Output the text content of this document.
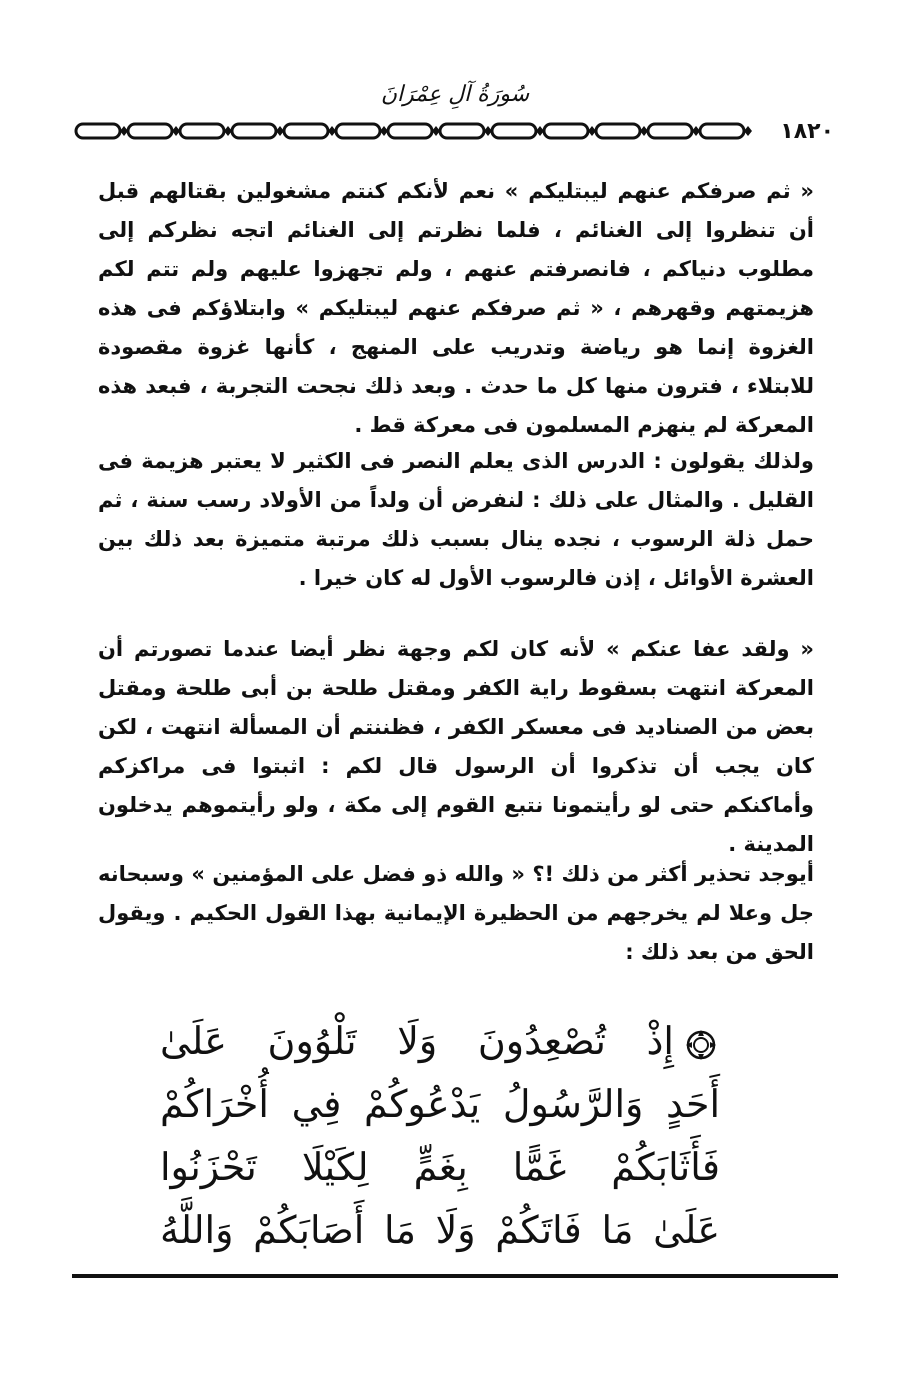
سُورَةُ آلِ عِمْرَانَ
١٨٢٠

« ثم صرفكم عنهم ليبتليكم » نعم لأنكم كنتم مشغولين بقتالهم قبل أن تنظروا إلى الغنائم ، فلما نظرتم إلى الغنائم اتجه نظركم إلى مطلوب دنياكم ، فانصرفتم عنهم ، ولم تجهزوا عليهم ولم تتم لكم هزيمتهم وقهرهم ، « ثم صرفكم عنهم ليبتليكم » وابتلاؤكم فى هذه الغزوة إنما هو رياضة وتدريب على المنهج ، كأنها غزوة مقصودة للابتلاء ، فترون منها كل ما حدث . وبعد ذلك نجحت التجربة ، فبعد هذه المعركة لم ينهزم المسلمون فى معركة قط .

ولذلك يقولون : الدرس الذى يعلم النصر فى الكثير لا يعتبر هزيمة فى القليل . والمثال على ذلك : لنفرض أن ولداً من الأولاد رسب سنة ، ثم حمل ذلة الرسوب ، نجده ينال بسبب ذلك مرتبة متميزة بعد ذلك بين العشرة الأوائل ، إذن فالرسوب الأول له كان خيرا .

« ولقد عفا عنكم » لأنه كان لكم وجهة نظر أيضا عندما تصورتم أن المعركة انتهت بسقوط راية الكفر ومقتل طلحة بن أبى طلحة ومقتل بعض من الصناديد فى معسكر الكفر ، فظننتم أن المسألة انتهت ، لكن كان يجب أن تذكروا أن الرسول قال لكم : اثبتوا فى مراكزكم وأماكنكم حتى لو رأيتمونا نتبع القوم إلى مكة ، ولو رأيتموهم يدخلون المدينة .

أيوجد تحذير أكثر من ذلك !؟ « والله ذو فضل على المؤمنين » وسبحانه جل وعلا لم يخرجهم من الحظيرة الإيمانية بهذا القول الحكيم . ويقول الحق من بعد ذلك :

إِذْ تُصْعِدُونَ وَلَا تَلْوُونَ عَلَىٰ
أَحَدٍ وَالرَّسُولُ يَدْعُوكُمْ فِي أُخْرَاكُمْ
فَأَثَابَكُمْ غَمًّا بِغَمٍّ لِكَيْلَا تَحْزَنُوا
عَلَىٰ مَا فَاتَكُمْ وَلَا مَا أَصَابَكُمْ وَاللَّهُ
